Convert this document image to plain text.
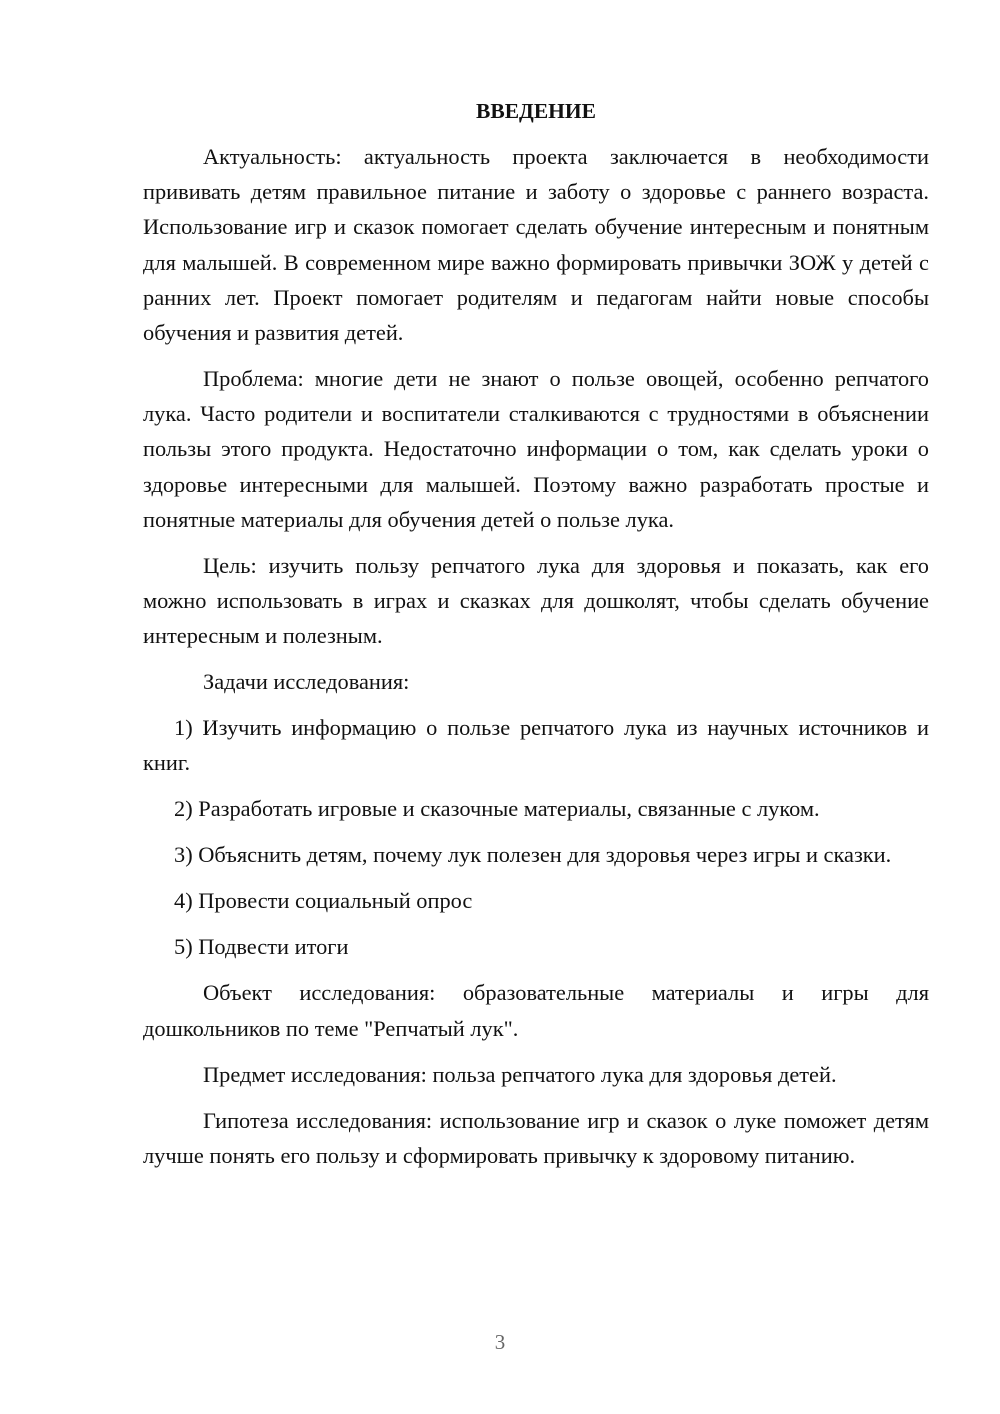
ВВЕДЕНИЕ

Актуальность: актуальность проекта заключается в необходимости прививать детям правильное питание и заботу о здоровье с раннего возраста. Использование игр и сказок помогает сделать обучение интересным и понятным для малышей. В современном мире важно формировать привычки ЗОЖ у детей с ранних лет. Проект помогает родителям и педагогам найти новые способы обучения и развития детей.

Проблема: многие дети не знают о пользе овощей, особенно репчатого лука. Часто родители и воспитатели сталкиваются с трудностями в объяснении пользы этого продукта. Недостаточно информации о том, как сделать уроки о здоровье интересными для малышей. Поэтому важно разработать простые и понятные материалы для обучения детей о пользе лука.

Цель: изучить пользу репчатого лука для здоровья и показать, как его можно использовать в играх и сказках для дошколят, чтобы сделать обучение интересным и полезным.

Задачи исследования:

1) Изучить информацию о пользе репчатого лука из научных источников и книг.

2) Разработать игровые и сказочные материалы, связанные с луком.

3) Объяснить детям, почему лук полезен для здоровья через игры и сказки.

4) Провести социальный опрос

5) Подвести итоги

Объект исследования: образовательные материалы и игры для дошкольников по теме "Репчатый лук".

Предмет исследования: польза репчатого лука для здоровья детей.

Гипотеза исследования: использование игр и сказок о луке поможет детям лучше понять его пользу и сформировать привычку к здоровому питанию.

3
